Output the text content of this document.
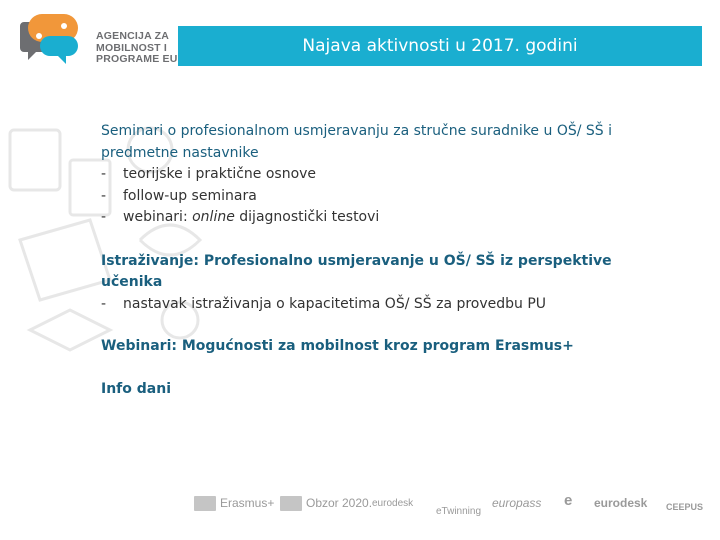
AGENCIJA ZA
MOBILNOST I
PROGRAME EU
Najava aktivnosti u 2017. godini

Seminari o profesionalnom usmjeravanju za stručne suradnike u OŠ/ SŠ i

predmetne nastavnike

- teorijske i praktične osnove

- follow-up seminara

- webinari: online dijagnostički testovi

Istraživanje: Profesionalno usmjeravanje u OŠ/ SŠ iz perspektive učenika

- nastavak istraživanja o kapacitetima OŠ/ SŠ za provedbu PU

Webinari: Mogućnosti za mobilnost kroz program Erasmus+

Info dani

Erasmus+	Obzor 2020. eurodesk
eTwinning
europass e eurodesk CEEPUS
